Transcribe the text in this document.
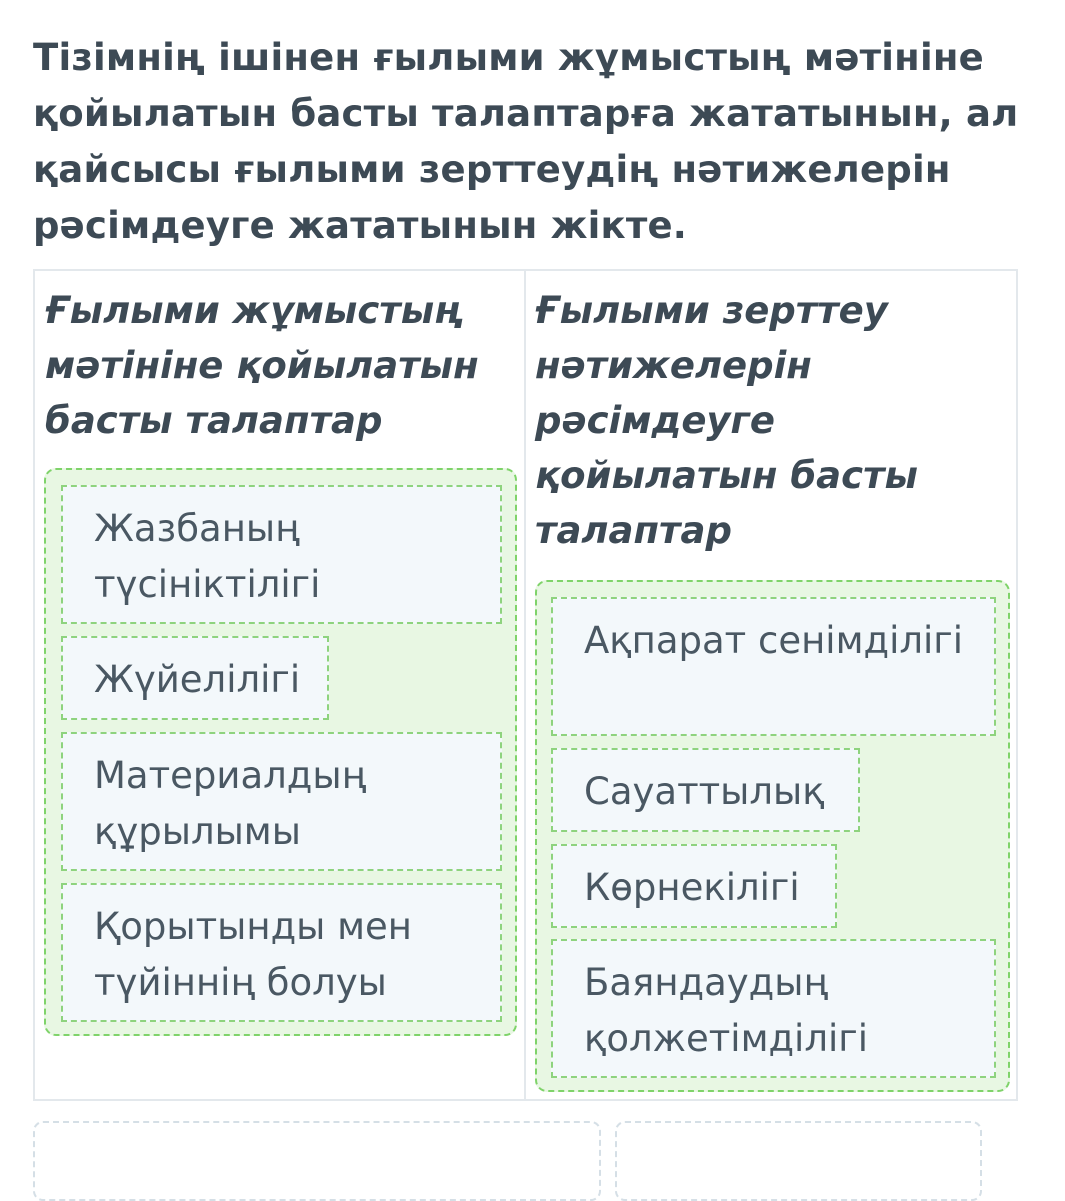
Тізімнің ішінен ғылыми жұмыстың мәтініне қойылатын басты талаптарға жататынын, ал қайсысы ғылыми зерттеудің нәтижелерін рәсімдеуге жататынын жікте.
Ғылыми жұмыстың мәтініне қойылатын басты талаптар
Жазбаның түсініктілігі
Жүйелілігі
Материалдың құрылымы
Қорытынды мен түйіннің болуы
Ғылыми зерттеу нәтижелерін рәсімдеуге қойылатын басты талаптар
Ақпарат сенімділігі
Сауаттылық
Көрнекілігі
Баяндаудың қолжетімділігі
